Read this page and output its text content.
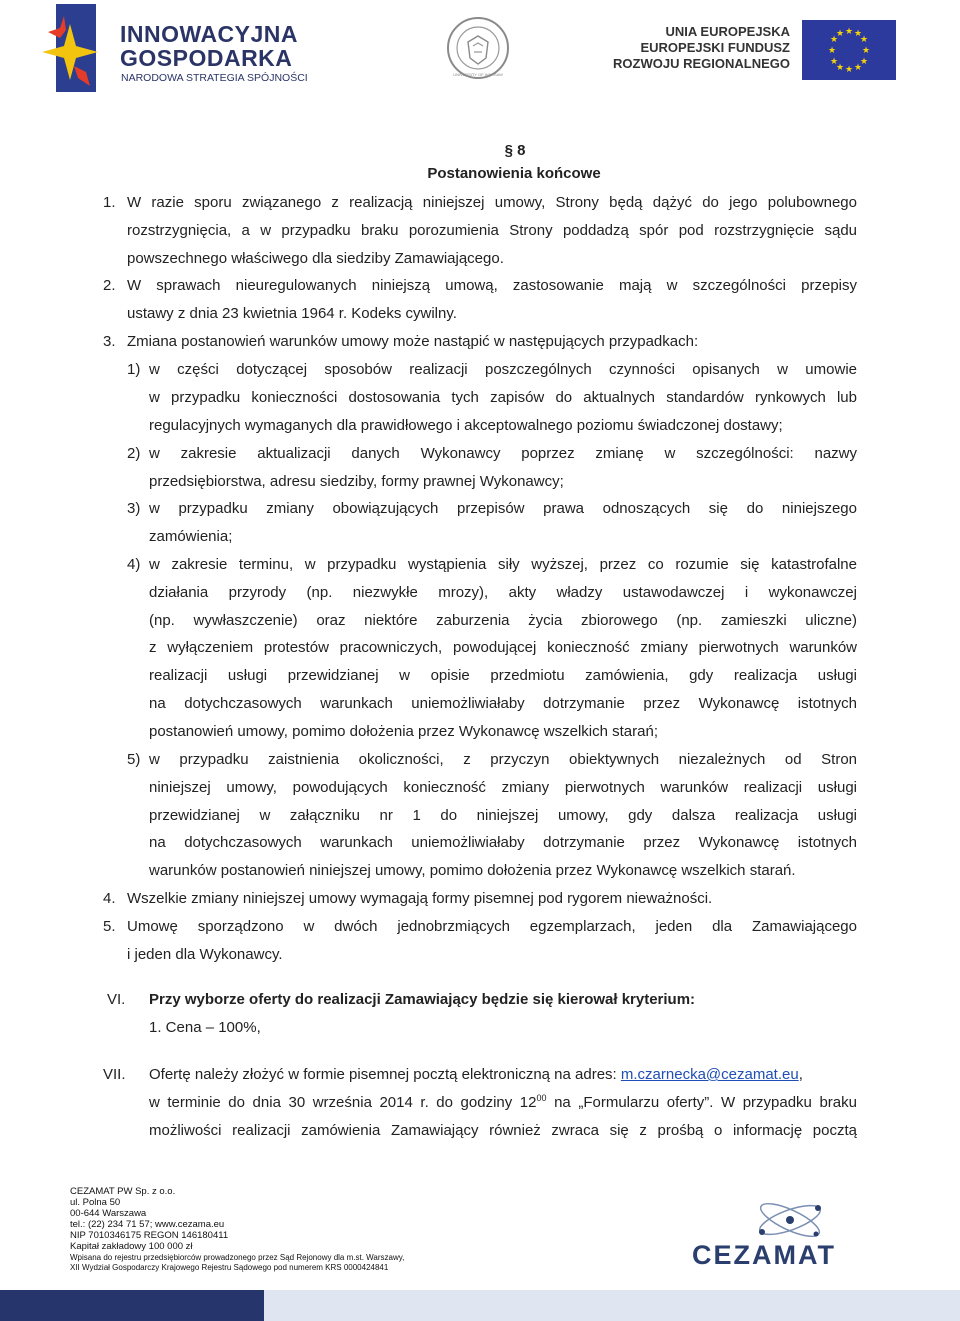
INNOWACYJNA
GOSPODARKA
NARODOWA STRATEGIA SPÓJNOŚCI	UNIVERSITY OF WARSAW
UNIA EUROPEJSKA
EUROPEJSKI FUNDUSZ
ROZWOJU REGIONALNEGO
★ ★
★
★
★
★
★
★
★
★
★
★
§ 8
Postanowienia końcowe
1. W razie sporu związanego z realizacją niniejszej umowy, Strony będą dążyć do jego polubownego
rozstrzygnięcia, a w przypadku braku porozumienia Strony poddadzą spór pod rozstrzygnięcie sądu
powszechnego właściwego dla siedziby Zamawiającego.
2. W sprawach nieuregulowanych niniejszą umową, zastosowanie mają w szczególności przepisy
ustawy z dnia 23 kwietnia 1964 r. Kodeks cywilny.
3. Zmiana postanowień warunków umowy może nastąpić w następujących przypadkach:
1) w części dotyczącej sposobów realizacji poszczególnych czynności opisanych w umowie
w przypadku konieczności dostosowania tych zapisów do aktualnych standardów rynkowych lub
regulacyjnych wymaganych dla prawidłowego i akceptowalnego poziomu świadczonej dostawy;
2) w zakresie aktualizacji danych Wykonawcy poprzez zmianę w szczególności: nazwy
przedsiębiorstwa, adresu siedziby, formy prawnej Wykonawcy;
3) w przypadku zmiany obowiązujących przepisów prawa odnoszących się do niniejszego
zamówienia;
4) w zakresie terminu, w przypadku wystąpienia siły wyższej, przez co rozumie się katastrofalne
działania przyrody (np. niezwykłe mrozy), akty władzy ustawodawczej i wykonawczej
(np. wywłaszczenie) oraz niektóre zaburzenia życia zbiorowego (np. zamieszki uliczne)
z wyłączeniem protestów pracowniczych, powodującej konieczność zmiany pierwotnych warunków
realizacji usługi przewidzianej w opisie przedmiotu zamówienia, gdy realizacja usługi
na dotychczasowych warunkach uniemożliwiałaby dotrzymanie przez Wykonawcę istotnych
postanowień umowy, pomimo dołożenia przez Wykonawcę wszelkich starań;
5) w przypadku zaistnienia okoliczności, z przyczyn obiektywnych niezależnych od Stron
niniejszej umowy, powodujących konieczność zmiany pierwotnych warunków realizacji usługi
przewidzianej w załączniku nr 1 do niniejszej umowy, gdy dalsza realizacja usługi
na dotychczasowych warunkach uniemożliwiałaby dotrzymanie przez Wykonawcę istotnych
warunków postanowień niniejszej umowy, pomimo dołożenia przez Wykonawcę wszelkich starań.
4. Wszelkie zmiany niniejszej umowy wymagają formy pisemnej pod rygorem nieważności.
5. Umowę sporządzono w dwóch jednobrzmiących egzemplarzach, jeden dla Zamawiającego
i jeden dla Wykonawcy.
VI. Przy wyborze oferty do realizacji Zamawiający będzie się kierował kryterium:
1. Cena – 100%,
VII. Ofertę należy złożyć w formie pisemnej pocztą elektroniczną na adres: m.czarnecka@cezamat.eu,
w terminie do dnia 30 września 2014 r. do godziny $12^{00}$ na „Formularzu oferty”. W przypadku braku
możliwości realizacji zamówienia Zamawiający również zwraca się z prośbą o informację pocztą
CEZAMAT PW Sp. z o.o.
ul. Polna 50
00-644 Warszawa
tel.: (22) 234 71 57; www.cezama.eu
NIP 7010346175 REGON 146180411
Kapitał zakładowy 100 000 zł
Wpisana do rejestru przedsiębiorców prowadzonego przez Sąd Rejonowy dla m.st. Warszawy,
XII Wydział Gospodarczy Krajowego Rejestru Sądowego pod numerem KRS 0000424841	CEZAMAT
